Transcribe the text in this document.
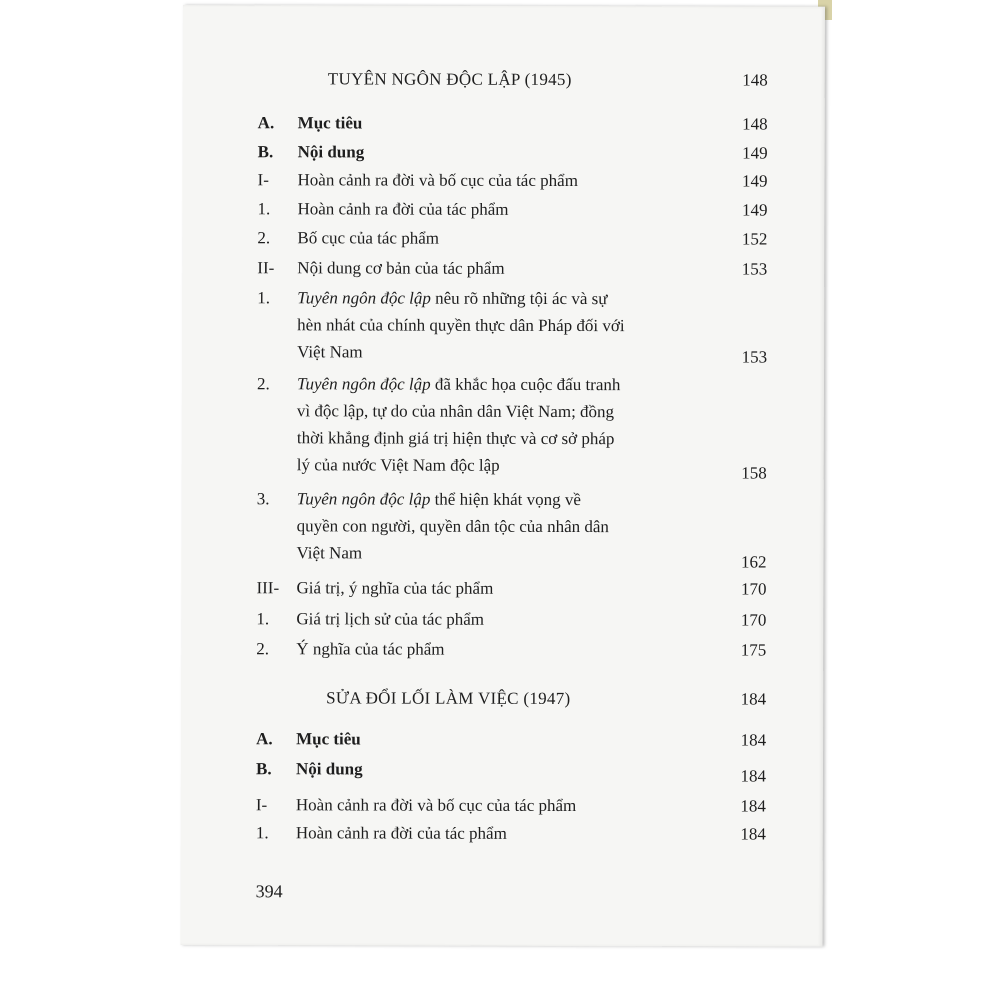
TUYÊN NGÔN ĐỘC LẬP (1945)	148
A. Mục tiêu	148
B. Nội dung	149
I- Hoàn cảnh ra đời và bố cục của tác phẩm	149
1. Hoàn cảnh ra đời của tác phẩm	149
2. Bố cục của tác phẩm	152
II- Nội dung cơ bản của tác phẩm	153
1. Tuyên ngôn độc lập nêu rõ những tội ác và sự
hèn nhát của chính quyền thực dân Pháp đối với
Việt Nam	153
2. Tuyên ngôn độc lập đã khắc họa cuộc đấu tranh
vì độc lập, tự do của nhân dân Việt Nam; đồng
thời khẳng định giá trị hiện thực và cơ sở pháp
lý của nước Việt Nam độc lập	158
3. Tuyên ngôn độc lập thể hiện khát vọng về
quyền con người, quyền dân tộc của nhân dân
Việt Nam	162
III- Giá trị, ý nghĩa của tác phẩm	170
1. Giá trị lịch sử của tác phẩm	170
2. Ý nghĩa của tác phẩm	175
SỬA ĐỔI LỐI LÀM VIỆC (1947)	184
A. Mục tiêu	184
B. Nội dung	184
I- Hoàn cảnh ra đời và bố cục của tác phẩm	184
1. Hoàn cảnh ra đời của tác phẩm	184
394
